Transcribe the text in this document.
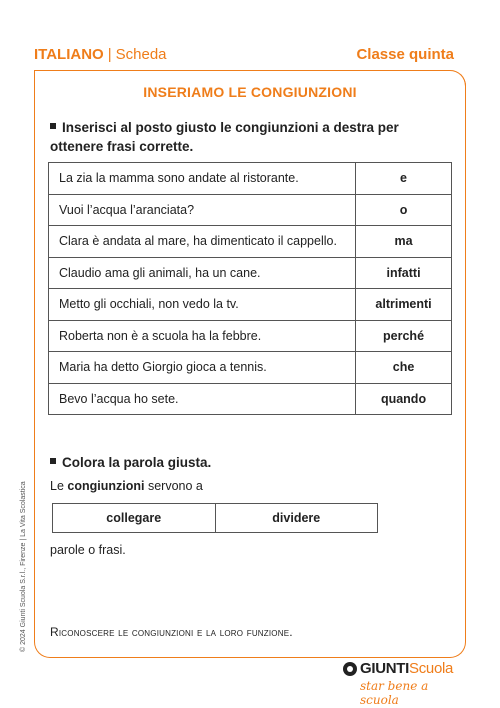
ITALIANO | Scheda	Classe quinta
INSERIAMO LE CONGIUNZIONI
Inserisci al posto giusto le congiunzioni a destra per ottenere frasi corrette.
La zia la mamma sono andate al ristorante.	e
Vuoi l’acqua l’aranciata?	o
Clara è andata al mare, ha dimenticato il cappello.	ma
Claudio ama gli animali, ha un cane.	infatti
Metto gli occhiali, non vedo la tv.	altrimenti
Roberta non è a scuola ha la febbre.	perché
Maria ha detto Giorgio gioca a tennis.	che
Bevo l’acqua ho sete.	quando
Colora la parola giusta.
Le congiunzioni servono a
collegare	dividere
parole o frasi.
Riconoscere le congiunzioni e la loro funzione.
© 2024 Giunti Scuola S.r.l., Firenze | La Vita Scolastica
GIUNTIScuola
star bene a scuola
